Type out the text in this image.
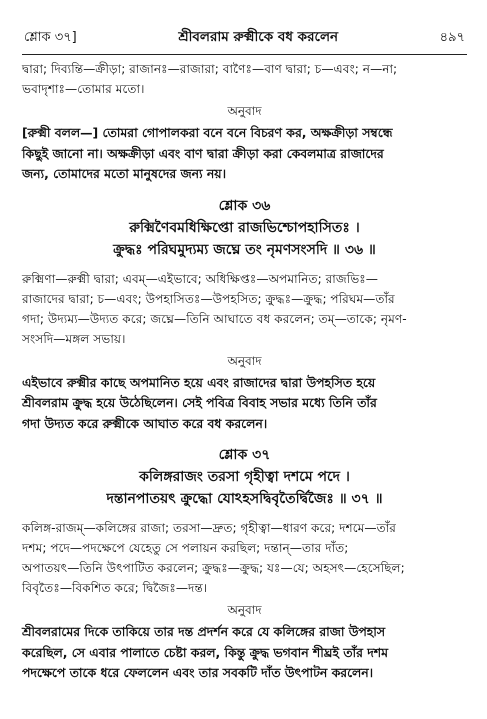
শ্লোক ৩৭]	শ্রীবলরাম রুক্মীকে বধ করলেন	৪৯৭

দ্বারা; দিব্যন্তি—ক্রীড়া; রাজানঃ—রাজারা; বাণৈঃ—বাণ দ্বারা; চ—এবং; ন—না;

ভবাদৃশাঃ—তোমার মতো।

অনুবাদ

[রুক্মী বলল—] তোমরা গোপালকরা বনে বনে বিচরণ কর, অক্ষক্রীড়া সম্বন্ধে

কিছুই জানো না। অক্ষক্রীড়া এবং বাণ দ্বারা ক্রীড়া করা কেবলমাত্র রাজাদের

জন্য, তোমাদের মতো মানুষদের জন্য নয়।

শ্লোক ৩৬
রুক্মিণৈবমধিক্ষিপ্তো রাজভিশ্চোপহাসিতঃ ।
ক্রুদ্ধঃ পরিঘমুদ্যম্য জঘ্নে তং নৃমণসংসদি ॥ ৩৬ ॥

রুক্মিণা—রুক্মী দ্বারা; এবম্—এইভাবে; অধিক্ষিপ্তঃ—অপমানিত; রাজভিঃ—

রাজাদের দ্বারা; চ—এবং; উপহাসিতঃ—উপহসিত; ক্রুদ্ধঃ—ক্রুদ্ধ; পরিঘম—তাঁর

গদা; উদ্যম্য—উদ্যত করে; জঘ্নে—তিনি আঘাতে বধ করলেন; তম্—তাকে; নৃমণ-

সংসদি—মঙ্গল সভায়।

অনুবাদ

এইভাবে রুক্মীর কাছে অপমানিত হয়ে এবং রাজাদের দ্বারা উপহসিত হয়ে

শ্রীবলরাম ক্রুদ্ধ হয়ে উঠেছিলেন। সেই পবিত্র বিবাহ সভার মধ্যে তিনি তাঁর

গদা উদ্যত করে রুক্মীকে আঘাত করে বধ করলেন।

শ্লোক ৩৭
কলিঙ্গরাজং তরসা গৃহীত্বা দশমে পদে ।
দন্তানপাতয়ৎ ক্রুদ্ধো যোঽহসদ্বিবৃতৈর্দ্বিজৈঃ ॥ ৩৭ ॥

কলিঙ্গ-রাজম্—কলিঙ্গের রাজা; তরসা—দ্রুত; গৃহীত্বা—ধারণ করে; দশমে—তাঁর

দশম; পদে—পদক্ষেপে যেহেতু সে পলায়ন করছিল; দন্তান্—তার দাঁত;

অপাতয়ৎ—তিনি উৎপাটিত করলেন; ক্রুদ্ধঃ—ক্রুদ্ধ; যঃ—যে; অহসৎ—হেসেছিল;

বিবৃতৈঃ—বিকশিত করে; দ্বিজৈঃ—দন্ত।

অনুবাদ

শ্রীবলরামের দিকে তাকিয়ে তার দন্ত প্রদর্শন করে যে কলিঙ্গের রাজা উপহাস

করেছিল, সে এবার পালাতে চেষ্টা করল, কিন্তু ক্রুদ্ধ ভগবান শীঘ্রই তাঁর দশম

পদক্ষেপে তাকে ধরে ফেললেন এবং তার সবকটি দাঁত উৎপাটন করলেন।
